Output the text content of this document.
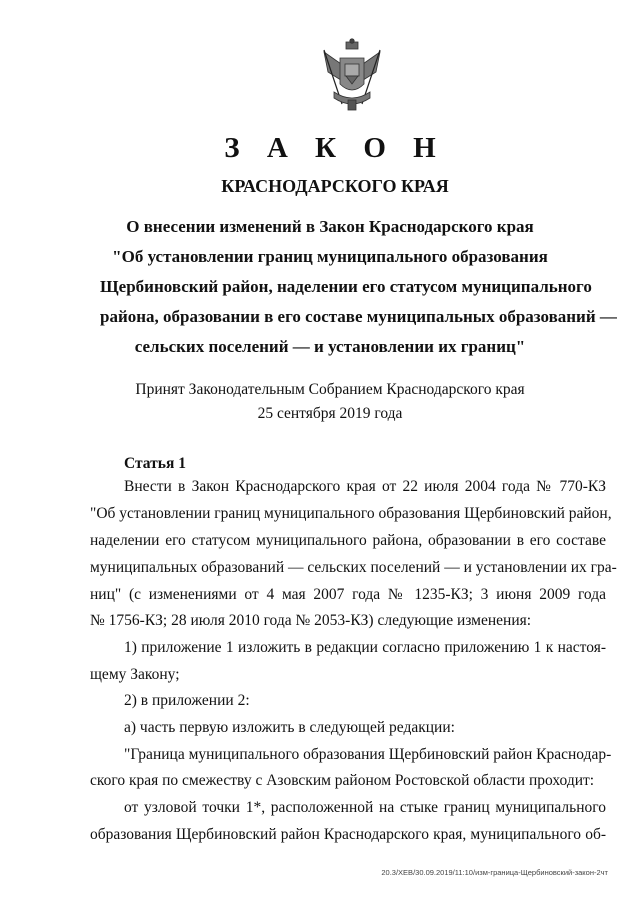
З А К О Н
КРАСНОДАРСКОГО КРАЯ

О внесении изменений в Закон Краснодарского края
"Об установлении границ муниципального образования
Щербиновский район, наделении его статусом муниципального
района, образовании в его составе муниципальных образований —
сельских поселений — и установлении их границ"

Принят Законодательным Собранием Краснодарского края
25 сентября 2019 года
Статья 1

Внести в Закон Краснодарского края от 22 июля 2004 года № 770-КЗ

"Об установлении границ муниципального образования Щербиновский район,

наделении его статусом муниципального района, образовании в его составе

муниципальных образований — сельских поселений — и установлении их гра-

ниц" (с изменениями от 4 мая 2007 года № 1235-КЗ; 3 июня 2009 года

№ 1756-КЗ; 28 июля 2010 года № 2053-КЗ) следующие изменения:

1) приложение 1 изложить в редакции согласно приложению 1 к настоя-

щему Закону;

2) в приложении 2:

а) часть первую изложить в следующей редакции:

"Граница муниципального образования Щербиновский район Краснодар-

ского края по смежеству с Азовским районом Ростовской области проходит:

от узловой точки 1*, расположенной на стыке границ муниципального

образования Щербиновский район Краснодарского края, муниципального об-

20.3/XEB/30.09.2019/11:10/изм-граница-Щербиновский-закон-2чт
